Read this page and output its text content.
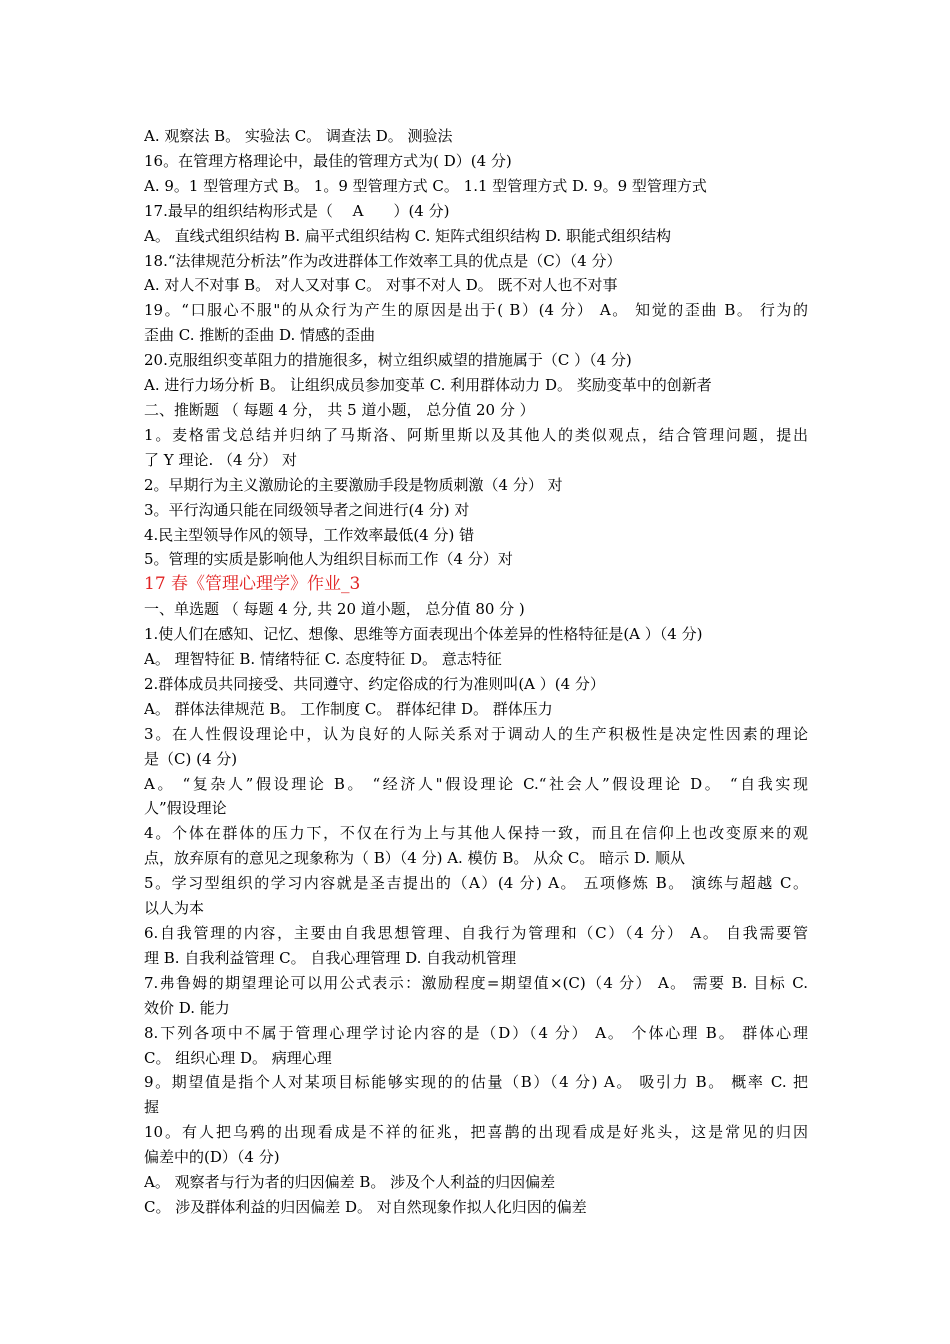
A. 观察法 B。 实验法 C。 调查法 D。 测验法
16。在管理方格理论中，最佳的管理方式为( D）(4 分)
A. 9。1 型管理方式 B。 1。9 型管理方式 C。 1.1 型管理方式 D. 9。9 型管理方式
17.最早的组织结构形式是（　 A　　）(4 分)
A。 直线式组织结构 B. 扁平式组织结构 C. 矩阵式组织结构 D. 职能式组织结构
18.“法律规范分析法”作为改进群体工作效率工具的优点是（C）（4 分）
A. 对人不对事 B。 对人又对事 C。 对事不对人 D。 既不对人也不对事
19。“口服心不服"的从众行为产生的原因是出于( B）(4 分） A。 知觉的歪曲 B。 行为的
歪曲 C. 推断的歪曲 D. 情感的歪曲
20.克服组织变革阻力的措施很多，树立组织威望的措施属于（C ）（4 分)
A. 进行力场分析 B。 让组织成员参加变革 C. 利用群体动力 D。 奖励变革中的创新者
二、推断题 （ 每题 4 分， 共 5 道小题， 总分值 20 分 ）
1。麦格雷戈总结并归纳了马斯洛、阿斯里斯以及其他人的类似观点，结合管理问题，提出
了 Y 理论. （4 分） 对
2。早期行为主义激励论的主要激励手段是物质刺激（4 分） 对
3。平行沟通只能在同级领导者之间进行(4 分) 对
4.民主型领导作风的领导，工作效率最低(4 分) 错
5。管理的实质是影响他人为组织目标而工作（4 分）对
17 春《管理心理学》作业_3
一、单选题 （ 每题 4 分, 共 20 道小题， 总分值 80 分 )
1.使人们在感知、记忆、想像、思维等方面表现出个体差异的性格特征是(A ）（4 分)
A。 理智特征 B. 情绪特征 C. 态度特征 D。 意志特征
2.群体成员共同接受、共同遵守、约定俗成的行为准则叫(A ）(4 分）
A。 群体法律规范 B。 工作制度 C。 群体纪律 D。 群体压力
3。在人性假设理论中，认为良好的人际关系对于调动人的生产积极性是决定性因素的理论
是（C) (4 分)
A。 “复杂人”假设理论 B。 “经济人"假设理论 C.“社会人”假设理论 D。 “自我实现
人”假设理论
4。个体在群体的压力下，不仅在行为上与其他人保持一致，而且在信仰上也改变原来的观
点，放弃原有的意见之现象称为（ B）（4 分) A. 模仿 B。 从众 C。 暗示 D. 顺从
5。学习型组织的学习内容就是圣吉提出的（A）(4 分) A。 五项修炼 B。 演练与超越 C。
以人为本
6.自我管理的内容，主要由自我思想管理、自我行为管理和（C）（4 分） A。 自我需要管
理 B. 自我利益管理 C。 自我心理管理 D. 自我动机管理
7.弗鲁姆的期望理论可以用公式表示：激励程度=期望值×(C)（4 分） A。 需要 B. 目标 C.
效价 D. 能力
8.下列各项中不属于管理心理学讨论内容的是（D）（4 分） A。 个体心理 B。 群体心理
C。 组织心理 D。 病理心理
9。期望值是指个人对某项目标能够实现的的估量（B）（4 分) A。 吸引力 B。 概率 C. 把
握
10。有人把乌鸦的出现看成是不祥的征兆，把喜鹊的出现看成是好兆头，这是常见的归因
偏差中的(D）（4 分)
A。 观察者与行为者的归因偏差 B。 涉及个人利益的归因偏差
C。 涉及群体利益的归因偏差 D。 对自然现象作拟人化归因的偏差
